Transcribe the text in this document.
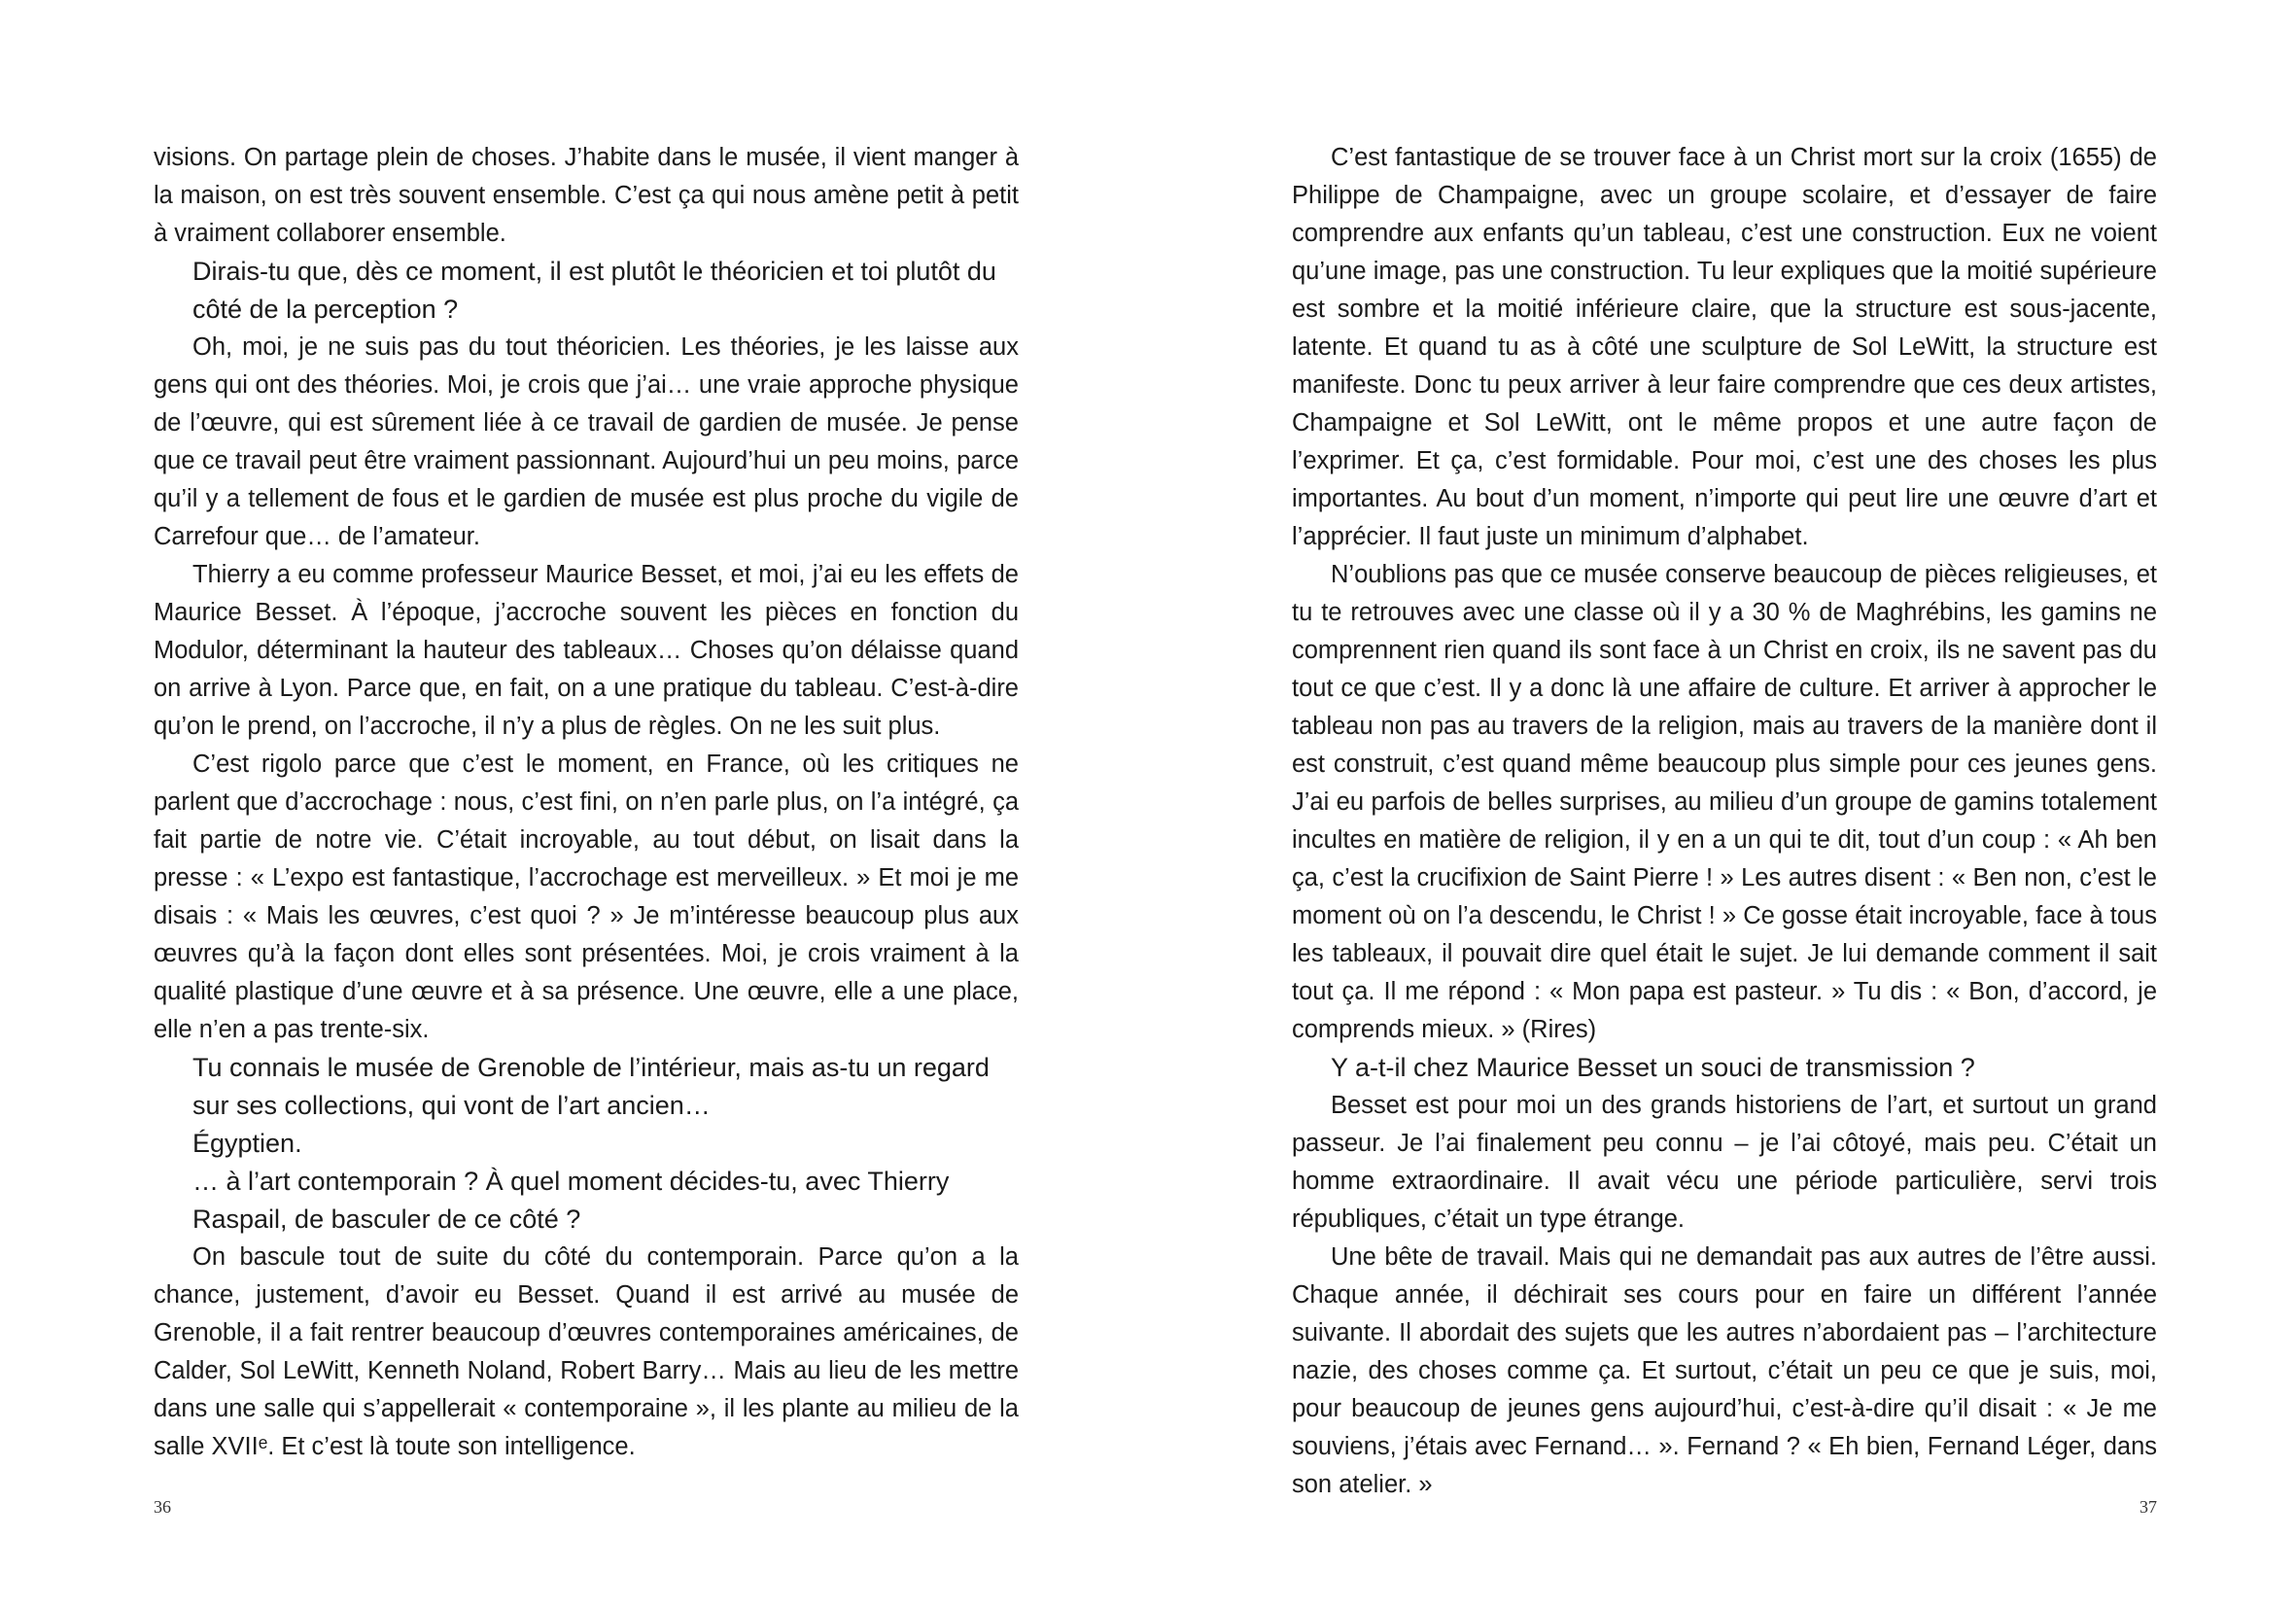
visions. On partage plein de choses. J’habite dans le musée, il vient manger à la maison, on est très souvent ensemble. C’est ça qui nous amène petit à petit à vraiment collaborer ensemble.

Dirais-tu que, dès ce moment, il est plutôt le théoricien et toi plutôt du côté de la perception ?

Oh, moi, je ne suis pas du tout théoricien. Les théories, je les laisse aux gens qui ont des théories. Moi, je crois que j’ai… une vraie approche physique de l’œuvre, qui est sûrement liée à ce travail de gardien de musée. Je pense que ce travail peut être vraiment passionnant. Aujourd’hui un peu moins, parce qu’il y a tellement de fous et le gardien de musée est plus proche du vigile de Carrefour que… de l’amateur.

Thierry a eu comme professeur Maurice Besset, et moi, j’ai eu les effets de Maurice Besset. À l’époque, j’accroche souvent les pièces en fonction du Modulor, déterminant la hauteur des tableaux… Choses qu’on délaisse quand on arrive à Lyon. Parce que, en fait, on a une pratique du tableau. C’est-à-dire qu’on le prend, on l’accroche, il n’y a plus de règles. On ne les suit plus.

C’est rigolo parce que c’est le moment, en France, où les critiques ne parlent que d’accrochage : nous, c’est fini, on n’en parle plus, on l’a intégré, ça fait partie de notre vie. C’était incroyable, au tout début, on lisait dans la presse : « L’expo est fantastique, l’accrochage est merveilleux. » Et moi je me disais : « Mais les œuvres, c’est quoi ? » Je m’intéresse beaucoup plus aux œuvres qu’à la façon dont elles sont présentées. Moi, je crois vraiment à la qualité plastique d’une œuvre et à sa présence. Une œuvre, elle a une place, elle n’en a pas trente-six.

Tu connais le musée de Grenoble de l’intérieur, mais as-tu un regard sur ses collections, qui vont de l’art ancien…

Égyptien.

… à l’art contemporain ? À quel moment décides-tu, avec Thierry Raspail, de basculer de ce côté ?

On bascule tout de suite du côté du contemporain. Parce qu’on a la chance, justement, d’avoir eu Besset. Quand il est arrivé au musée de Grenoble, il a fait rentrer beaucoup d’œuvres contemporaines américaines, de Calder, Sol LeWitt, Kenneth Noland, Robert Barry… Mais au lieu de les mettre dans une salle qui s’appellerait « contemporaine », il les plante au milieu de la salle XVIIᵉ. Et c’est là toute son intelligence.

36

C’est fantastique de se trouver face à un Christ mort sur la croix (1655) de Philippe de Champaigne, avec un groupe scolaire, et d’essayer de faire comprendre aux enfants qu’un tableau, c’est une construction. Eux ne voient qu’une image, pas une construction. Tu leur expliques que la moitié supérieure est sombre et la moitié inférieure claire, que la structure est sous-jacente, latente. Et quand tu as à côté une sculpture de Sol LeWitt, la structure est manifeste. Donc tu peux arriver à leur faire comprendre que ces deux artistes, Champaigne et Sol LeWitt, ont le même propos et une autre façon de l’exprimer. Et ça, c’est formidable. Pour moi, c’est une des choses les plus importantes. Au bout d’un moment, n’importe qui peut lire une œuvre d’art et l’apprécier. Il faut juste un minimum d’alphabet.

N’oublions pas que ce musée conserve beaucoup de pièces religieuses, et tu te retrouves avec une classe où il y a 30 % de Maghrébins, les gamins ne comprennent rien quand ils sont face à un Christ en croix, ils ne savent pas du tout ce que c’est. Il y a donc là une affaire de culture. Et arriver à approcher le tableau non pas au travers de la religion, mais au travers de la manière dont il est construit, c’est quand même beaucoup plus simple pour ces jeunes gens. J’ai eu parfois de belles surprises, au milieu d’un groupe de gamins totalement incultes en matière de religion, il y en a un qui te dit, tout d’un coup : « Ah ben ça, c’est la crucifixion de Saint Pierre ! » Les autres disent : « Ben non, c’est le moment où on l’a descendu, le Christ ! » Ce gosse était incroyable, face à tous les tableaux, il pouvait dire quel était le sujet. Je lui demande comment il sait tout ça. Il me répond : « Mon papa est pasteur. » Tu dis : « Bon, d’accord, je comprends mieux. » (Rires)

Y a-t-il chez Maurice Besset un souci de transmission ?

Besset est pour moi un des grands historiens de l’art, et surtout un grand passeur. Je l’ai finalement peu connu – je l’ai côtoyé, mais peu. C’était un homme extraordinaire. Il avait vécu une période particulière, servi trois républiques, c’était un type étrange.

Une bête de travail. Mais qui ne demandait pas aux autres de l’être aussi. Chaque année, il déchirait ses cours pour en faire un différent l’année suivante. Il abordait des sujets que les autres n’abordaient pas – l’architecture nazie, des choses comme ça. Et surtout, c’était un peu ce que je suis, moi, pour beaucoup de jeunes gens aujourd’hui, c’est-à-dire qu’il disait : « Je me souviens, j’étais avec Fernand… ». Fernand ? « Eh bien, Fernand Léger, dans son atelier. »

37
